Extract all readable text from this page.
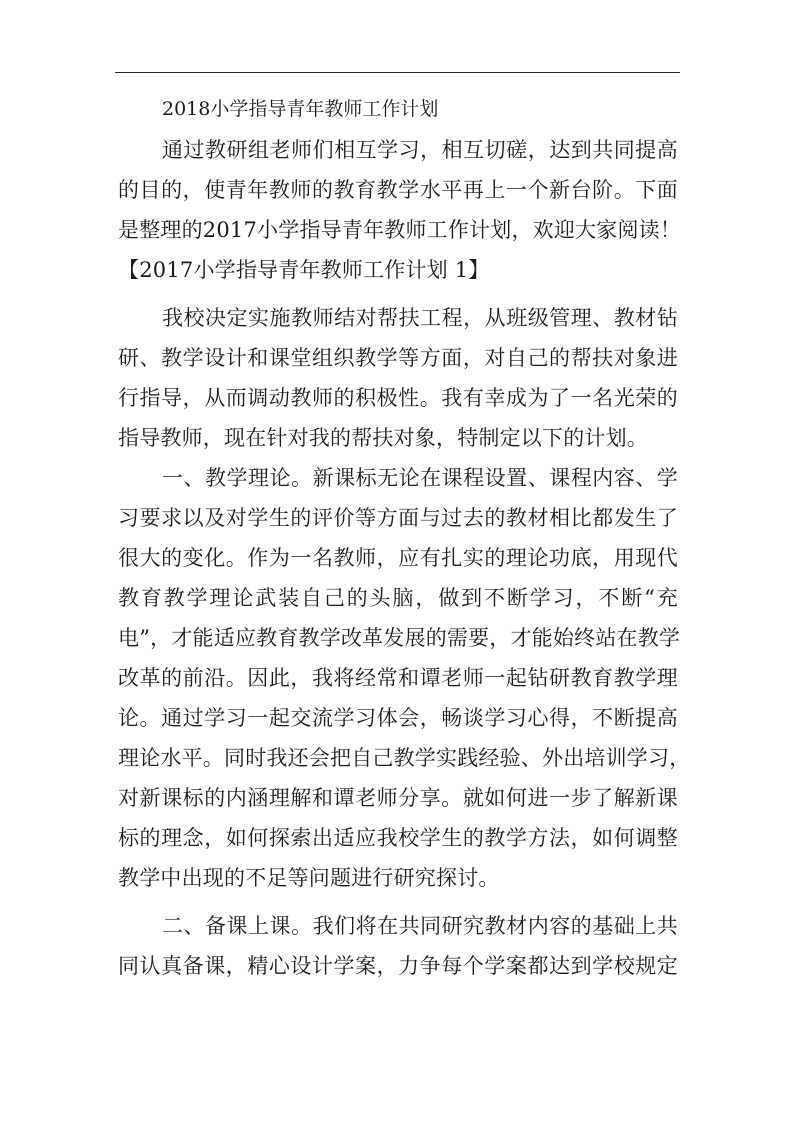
2018小学指导青年教师工作计划
通过教研组老师们相互学习，相互切磋，达到共同提高
的目的，使青年教师的教育教学水平再上一个新台阶。下面
是整理的2017小学指导青年教师工作计划，欢迎大家阅读！
【2017小学指导青年教师工作计划 1】
我校决定实施教师结对帮扶工程，从班级管理、教材钻
研、教学设计和课堂组织教学等方面，对自己的帮扶对象进
行指导，从而调动教师的积极性。我有幸成为了一名光荣的
指导教师，现在针对我的帮扶对象，特制定以下的计划。
一、教学理论。新课标无论在课程设置、课程内容、学
习要求以及对学生的评价等方面与过去的教材相比都发生了
很大的变化。作为一名教师，应有扎实的理论功底，用现代
教育教学理论武装自己的头脑，做到不断学习，不断“充
电”，才能适应教育教学改革发展的需要，才能始终站在教学
改革的前沿。因此，我将经常和谭老师一起钻研教育教学理
论。通过学习一起交流学习体会，畅谈学习心得，不断提高
理论水平。同时我还会把自己教学实践经验、外出培训学习，
对新课标的内涵理解和谭老师分享。就如何进一步了解新课
标的理念，如何探索出适应我校学生的教学方法，如何调整
教学中出现的不足等问题进行研究探讨。
二、备课上课。我们将在共同研究教材内容的基础上共
同认真备课，精心设计学案，力争每个学案都达到学校规定
